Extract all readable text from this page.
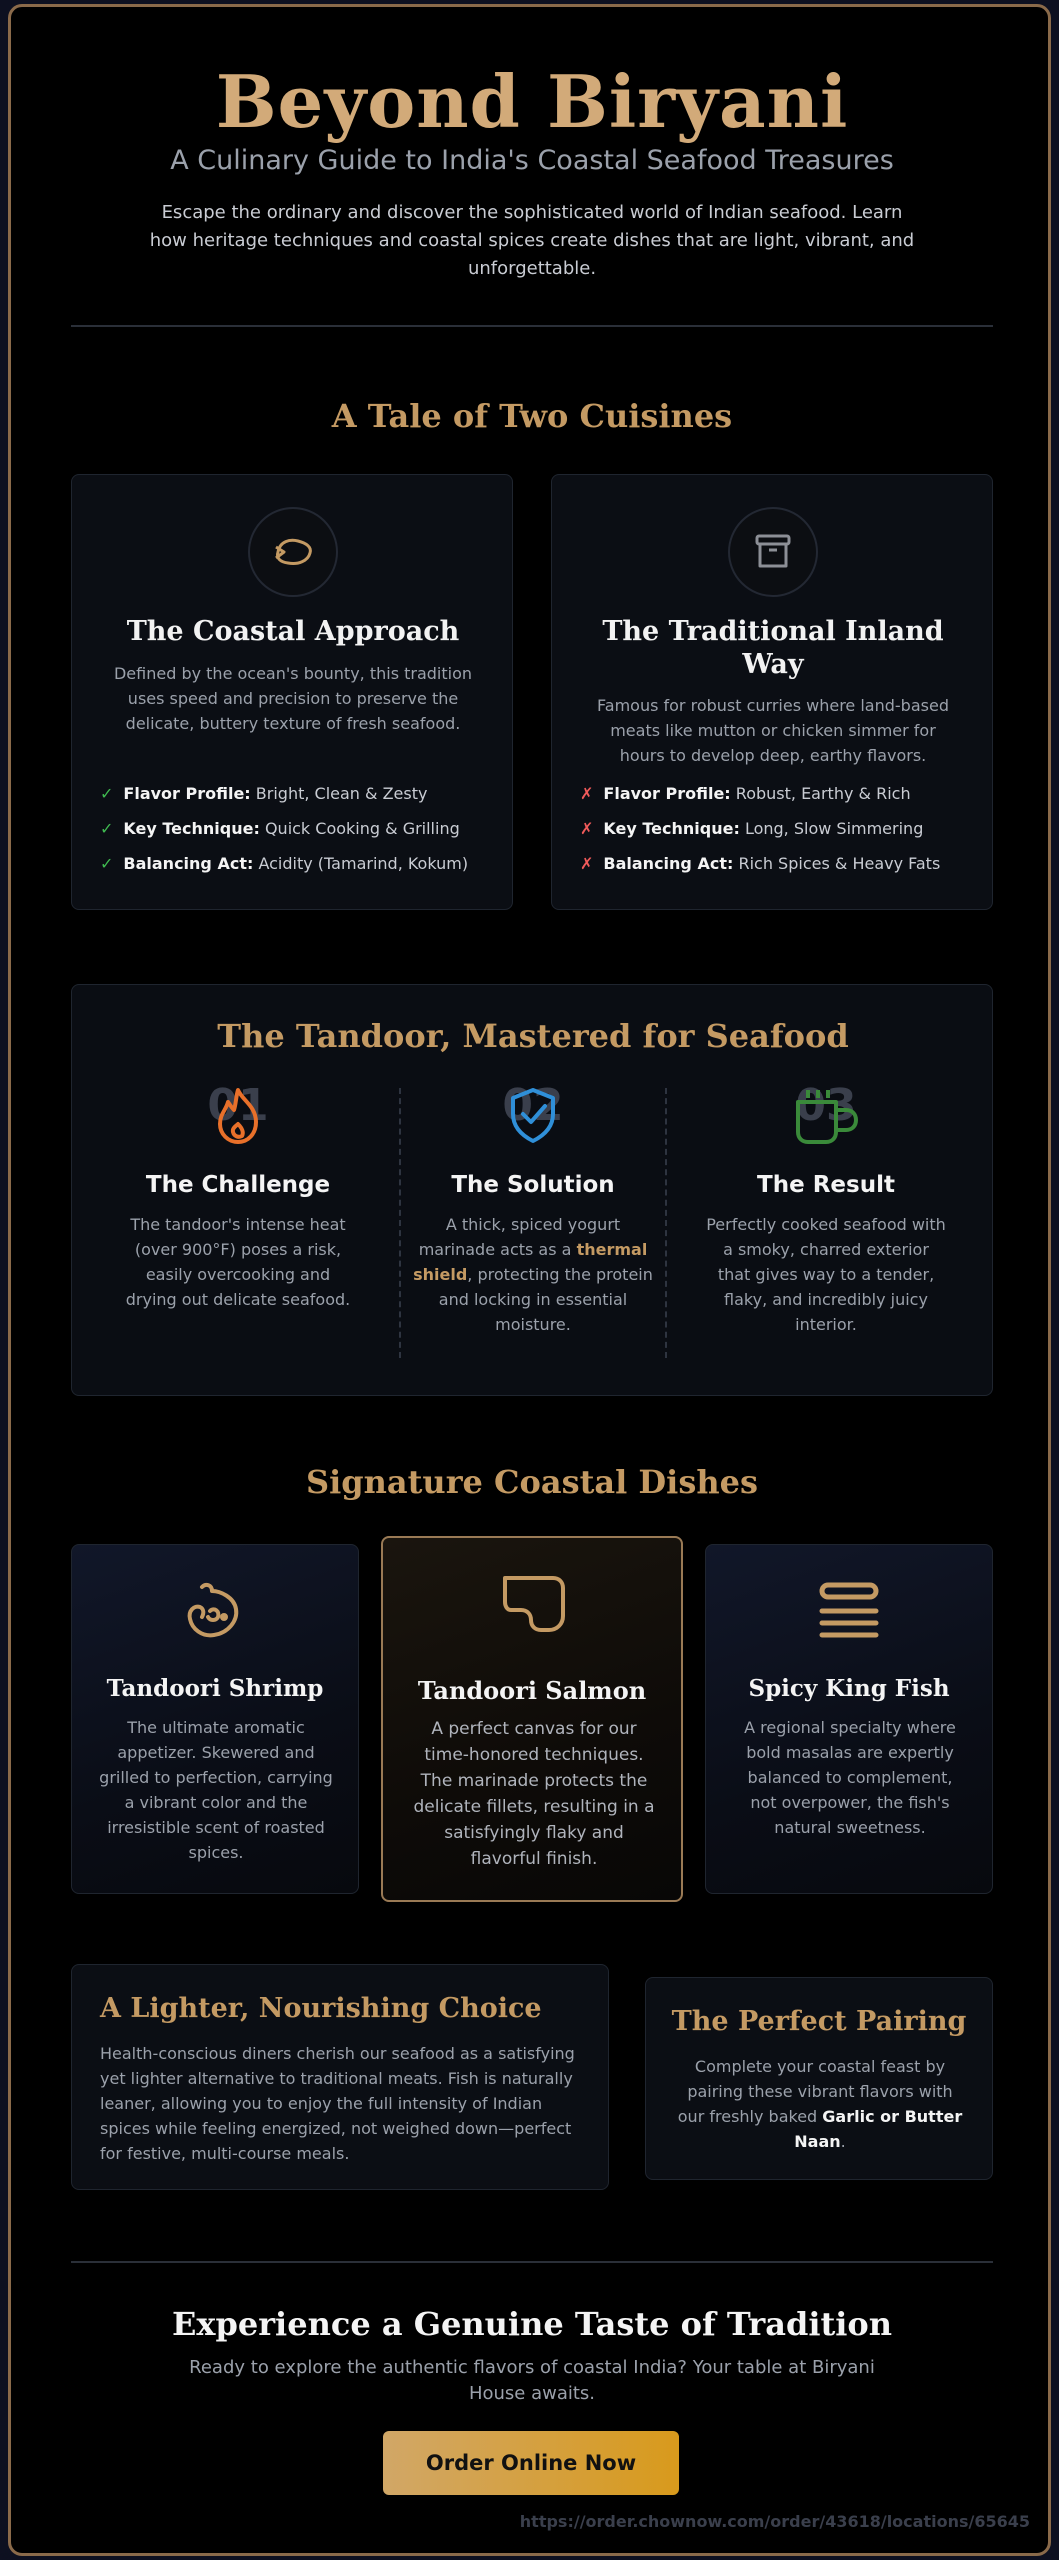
Beyond Biryani
A Culinary Guide to India's Coastal Seafood Treasures

Escape the ordinary and discover the sophisticated world of Indian seafood. Learn how heritage techniques and coastal spices create dishes that are light, vibrant, and unforgettable.

A Tale of Two Cuisines
The Coastal Approach

Defined by the ocean's bounty, this tradition uses speed and precision to preserve the delicate, buttery texture of fresh seafood.

✓ Flavor Profile: Bright, Clean & Zesty
✓ Key Technique: Quick Cooking & Grilling
✓ Balancing Act: Acidity (Tamarind, Kokum)
The Traditional Inland Way

Famous for robust curries where land-based meats like mutton or chicken simmer for hours to develop deep, earthy flavors.

✗ Flavor Profile: Robust, Earthy & Rich
✗ Key Technique: Long, Slow Simmering
✗ Balancing Act: Rich Spices & Heavy Fats
The Tandoor, Mastered for Seafood
01
The Challenge

The tandoor's intense heat (over 900°F) poses a risk, easily overcooking and drying out delicate seafood.

02
The Solution

A thick, spiced yogurt marinade acts as a thermal shield, protecting the protein and locking in essential moisture.

03
The Result

Perfectly cooked seafood with a smoky, charred exterior that gives way to a tender, flaky, and incredibly juicy interior.

Signature Coastal Dishes
Tandoori Shrimp

The ultimate aromatic appetizer. Skewered and grilled to perfection, carrying a vibrant color and the irresistible scent of roasted spices.

Tandoori Salmon

A perfect canvas for our time-honored techniques. The marinade protects the delicate fillets, resulting in a satisfyingly flaky and flavorful finish.

Spicy King Fish

A regional specialty where bold masalas are expertly balanced to complement, not overpower, the fish's natural sweetness.

A Lighter, Nourishing Choice

Health-conscious diners cherish our seafood as a satisfying yet lighter alternative to traditional meats. Fish is naturally leaner, allowing you to enjoy the full intensity of Indian spices while feeling energized, not weighed down—perfect for festive, multi-course meals.

The Perfect Pairing

Complete your coastal feast by pairing these vibrant flavors with our freshly baked Garlic or Butter Naan.

Experience a Genuine Taste of Tradition

Ready to explore the authentic flavors of coastal India? Your table at Biryani House awaits.

Order Online Now
https://order.chownow.com/order/43618/locations/65645
